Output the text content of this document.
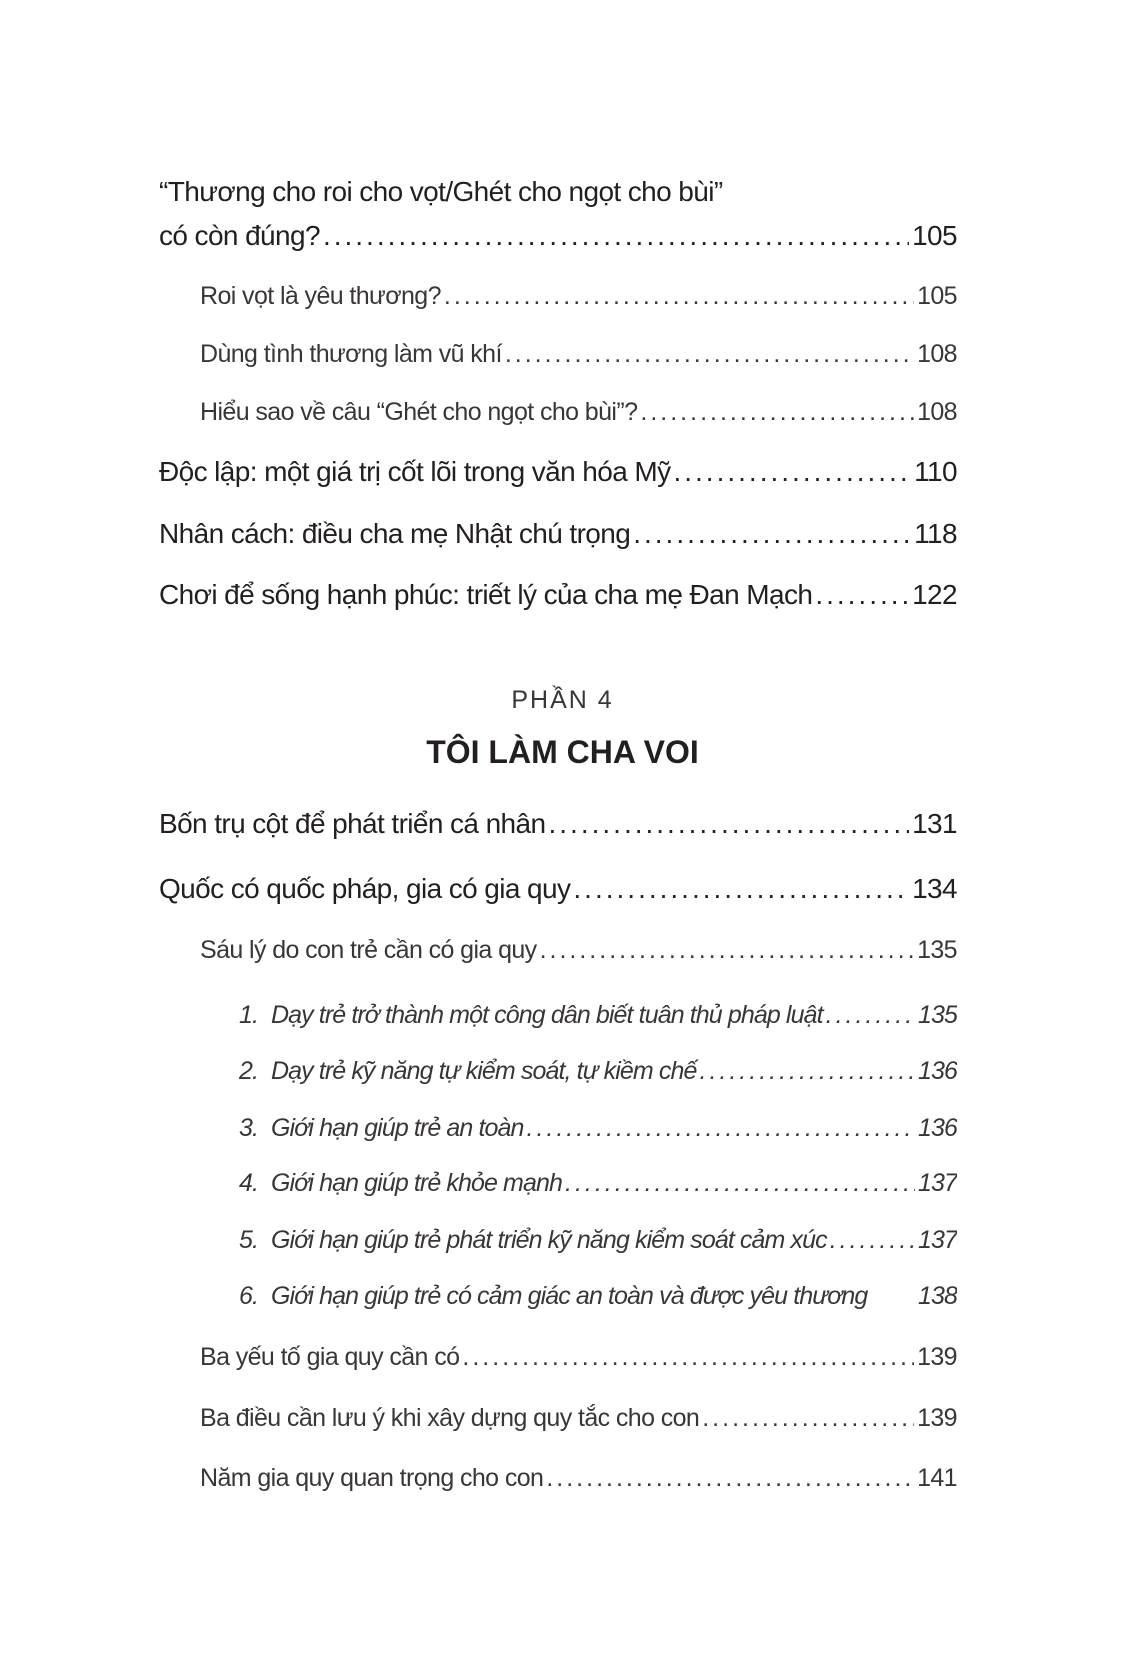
“Thương cho roi cho vọt/Ghét cho ngọt cho bùi”
có còn đúng? .....	105
Roi vọt là yêu thương? .....	105
Dùng tình thương làm vũ khí .....	108
Hiểu sao về câu “Ghét cho ngọt cho bùi”? .....	108
Độc lập: một giá trị cốt lõi trong văn hóa Mỹ .....	110
Nhân cách: điều cha mẹ Nhật chú trọng .....	118
Chơi để sống hạnh phúc: triết lý của cha mẹ Đan Mạch .....	122
PHẦN 4
TÔI LÀM CHA VOI
Bốn trụ cột để phát triển cá nhân .....	131
Quốc có quốc pháp, gia có gia quy .....	134
Sáu lý do con trẻ cần có gia quy .....	135
1. Dạy trẻ trở thành một công dân biết tuân thủ pháp luật .....	135
2. Dạy trẻ kỹ năng tự kiểm soát, tự kiềm chế .....	136
3. Giới hạn giúp trẻ an toàn .....	136
4. Giới hạn giúp trẻ khỏe mạnh .....	137
5. Giới hạn giúp trẻ phát triển kỹ năng kiểm soát cảm xúc .....	137
6. Giới hạn giúp trẻ có cảm giác an toàn và được yêu thương 138
Ba yếu tố gia quy cần có .....	139
Ba điều cần lưu ý khi xây dựng quy tắc cho con .....	139
Năm gia quy quan trọng cho con .....	141
